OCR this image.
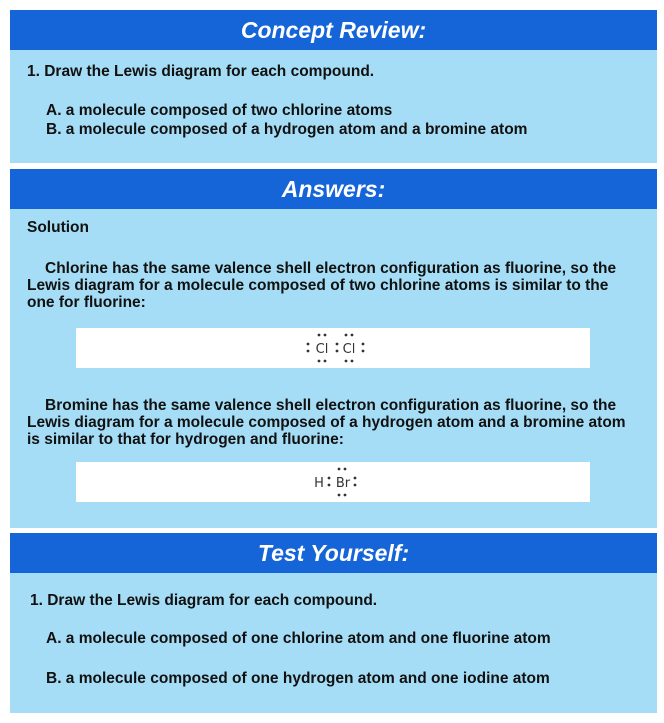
Concept Review:
1. Draw the Lewis diagram for each compound.
A. a molecule composed of two chlorine atoms
B. a molecule composed of a hydrogen atom and a bromine atom
Answers:
Solution
Chlorine has the same valence shell electron configuration as fluorine, so the Lewis diagram for a molecule composed of two chlorine atoms is similar to the one for fluorine:
Cl Cl
Bromine has the same valence shell electron configuration as fluorine, so the Lewis diagram for a molecule composed of a hydrogen atom and a bromine atom is similar to that for hydrogen and fluorine:
H Br
Test Yourself:
1. Draw the Lewis diagram for each compound.
A. a molecule composed of one chlorine atom and one fluorine atom
B. a molecule composed of one hydrogen atom and one iodine atom
